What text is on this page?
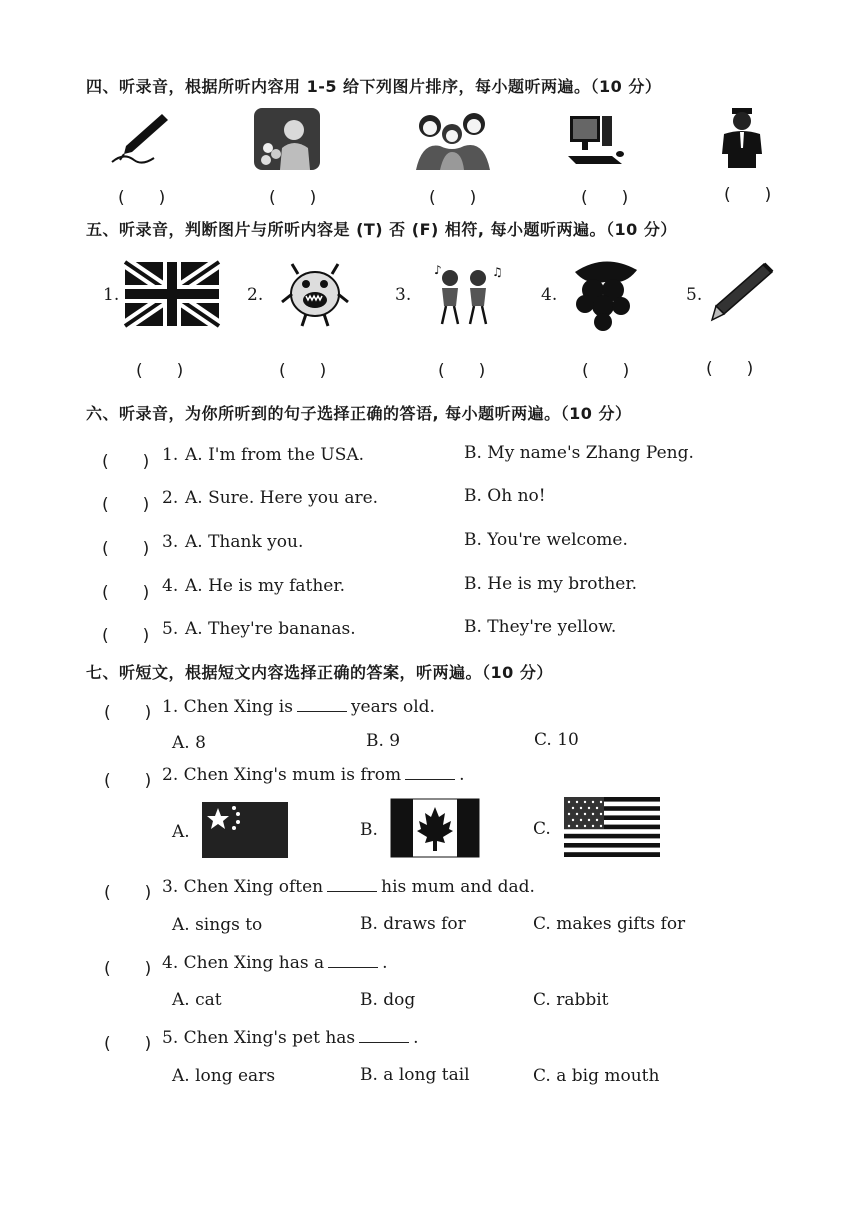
四、听录音，根据所听内容用 1-5 给下列图片排序，每小题听两遍。（10 分）
(　　)	(　　)	(　　)	(　　)	(　　)
五、听录音，判断图片与所听内容是 (T) 否 (F) 相符, 每小题听两遍。（10 分）
1.	2.	3.
♪	♫
4.	5.
(　　)	(　　)	(　　)	(　　)	(　　)
六、听录音，为你所听到的句子选择正确的答语, 每小题听两遍。（10 分）
(　　) 1. A. I'm from the USA.	B. My name's Zhang Peng.
(　　) 2. A. Sure. Here you are.	B. Oh no!
(　　) 3. A. Thank you.	B. You're welcome.
(　　) 4. A. He is my father.	B. He is my brother.
(　　) 5. A. They're bananas.	B. They're yellow.
七、听短文，根据短文内容选择正确的答案，听两遍。（10 分）
(　　) 1. Chen Xing is	years old.
A. 8	B. 9	C. 10
(　　) 2. Chen Xing's mum is from	.
A.	B.	C.
(　　) 3. Chen Xing often	his mum and dad.
A. sings to	B. draws for	C. makes gifts for
(　　) 4. Chen Xing has a	.
A. cat	B. dog	C. rabbit
(　　) 5. Chen Xing's pet has	.
A. long ears	B. a long tail	C. a big mouth
